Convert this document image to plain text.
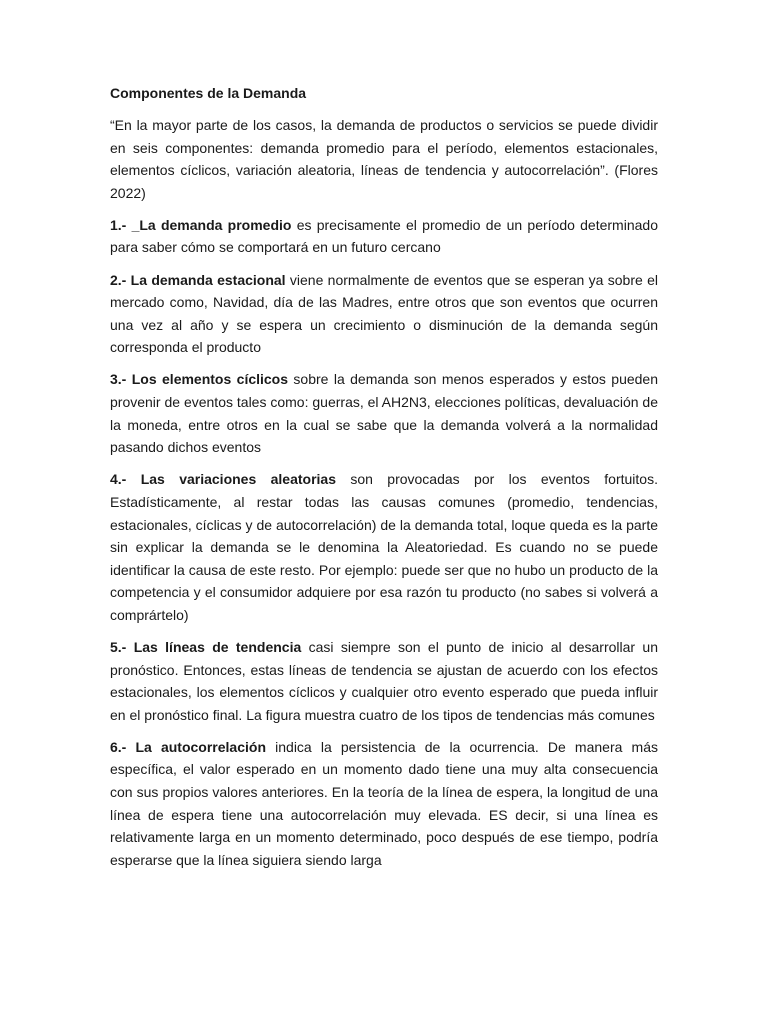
Componentes de la Demanda

“En la mayor parte de los casos, la demanda de productos o servicios se puede dividir en seis componentes: demanda promedio para el período, elementos estacionales, elementos cíclicos, variación aleatoria, líneas de tendencia y autocorrelación”. (Flores 2022)

1.- _La demanda promedio es precisamente el promedio de un período determinado para saber cómo se comportará en un futuro cercano

2.- La demanda estacional viene normalmente de eventos que se esperan ya sobre el mercado como, Navidad, día de las Madres, entre otros que son eventos que ocurren una vez al año y se espera un crecimiento o disminución de la demanda según corresponda el producto

3.- Los elementos cíclicos sobre la demanda son menos esperados y estos pueden provenir de eventos tales como: guerras, el AH2N3, elecciones políticas, devaluación de la moneda, entre otros en la cual se sabe que la demanda volverá a la normalidad pasando dichos eventos

4.- Las variaciones aleatorias son provocadas por los eventos fortuitos. Estadísticamente, al restar todas las causas comunes (promedio, tendencias, estacionales, cíclicas y de autocorrelación) de la demanda total, loque queda es la parte sin explicar la demanda se le denomina la Aleatoriedad. Es cuando no se puede identificar la causa de este resto. Por ejemplo: puede ser que no hubo un producto de la competencia y el consumidor adquiere por esa razón tu producto (no sabes si volverá a comprártelo)

5.- Las líneas de tendencia casi siempre son el punto de inicio al desarrollar un pronóstico. Entonces, estas líneas de tendencia se ajustan de acuerdo con los efectos estacionales, los elementos cíclicos y cualquier otro evento esperado que pueda influir en el pronóstico final. La figura muestra cuatro de los tipos de tendencias más comunes

6.- La autocorrelación indica la persistencia de la ocurrencia. De manera más específica, el valor esperado en un momento dado tiene una muy alta consecuencia con sus propios valores anteriores. En la teoría de la línea de espera, la longitud de una línea de espera tiene una autocorrelación muy elevada. ES decir, si una línea es relativamente larga en un momento determinado, poco después de ese tiempo, podría esperarse que la línea siguiera siendo larga
